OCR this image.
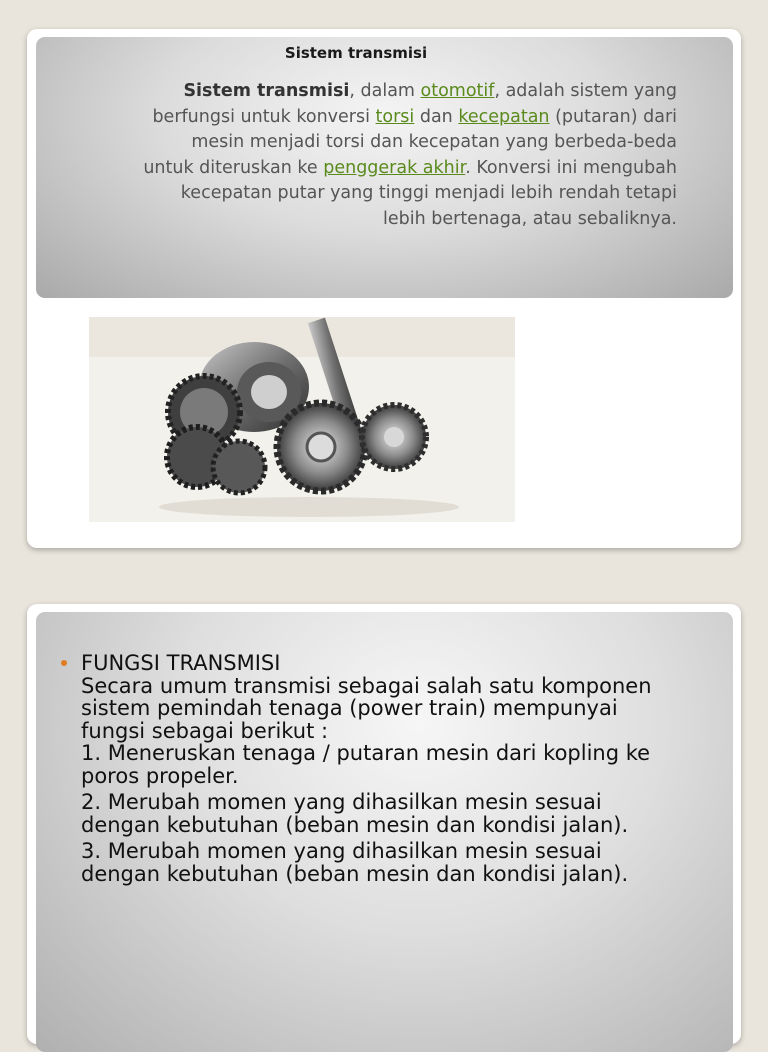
Sistem transmisi
Sistem transmisi, dalam otomotif, adalah sistem yang berfungsi untuk konversi torsi dan kecepatan (putaran) dari mesin menjadi torsi dan kecepatan yang berbeda-beda untuk diteruskan ke penggerak akhir. Konversi ini mengubah kecepatan putar yang tinggi menjadi lebih rendah tetapi lebih bertenaga, atau sebaliknya.
FUNGSI TRANSMISI
Secara umum transmisi sebagai salah satu komponen
sistem pemindah tenaga (power train) mempunyai
fungsi sebagai berikut :
1. Meneruskan tenaga / putaran mesin dari kopling ke
poros propeler.
2. Merubah momen yang dihasilkan mesin sesuai
dengan kebutuhan (beban mesin dan kondisi jalan).
3. Merubah momen yang dihasilkan mesin sesuai
dengan kebutuhan (beban mesin dan kondisi jalan).
